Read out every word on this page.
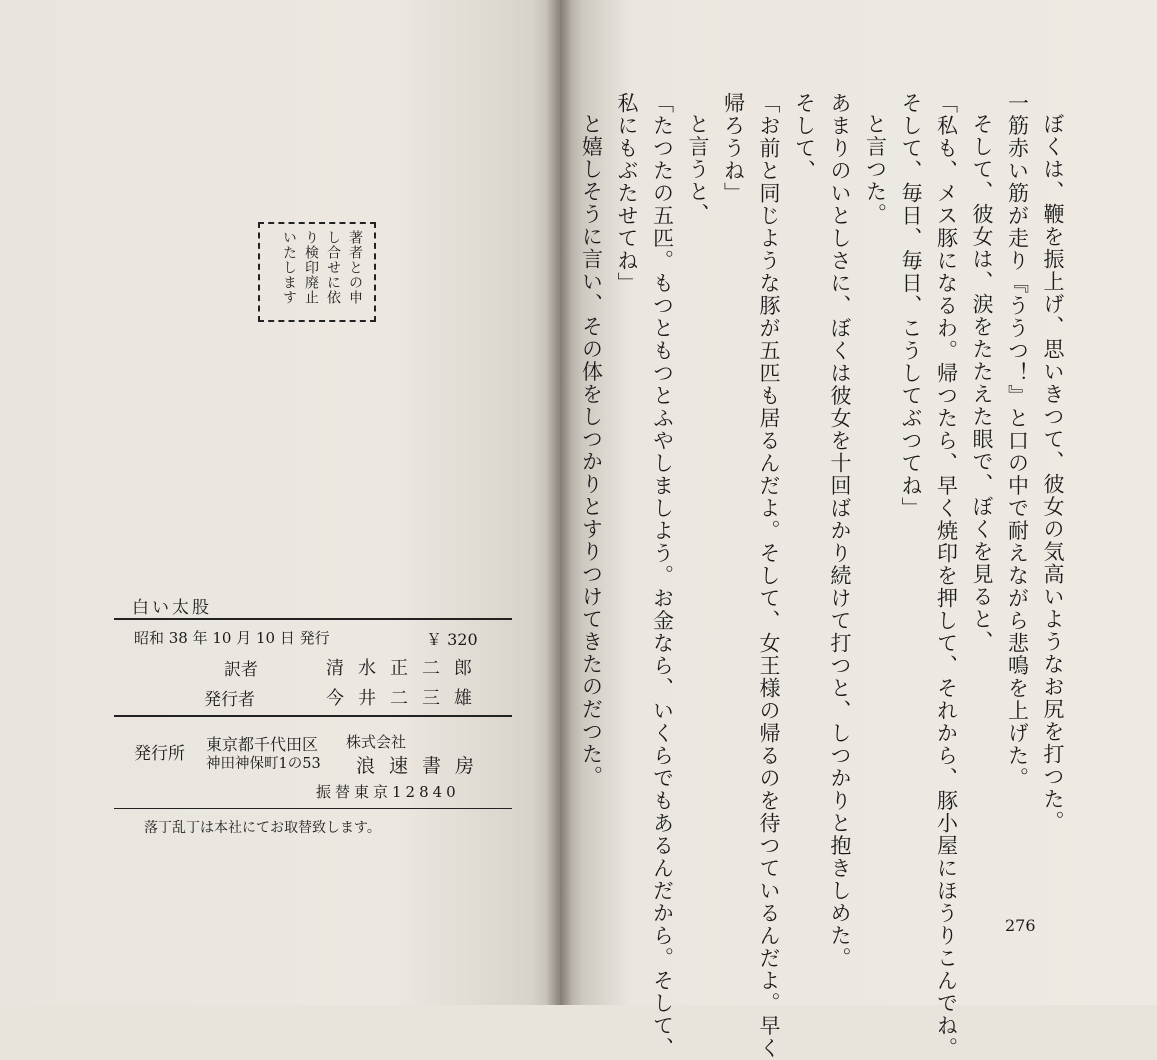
ぼくは、鞭を振上げ、思いきつて、彼女の気高いようなお尻を打つた。
一筋赤い筋が走り『ううつ！』と口の中で耐えながら悲鳴を上げた。
そして、彼女は、涙をたたえた眼で、ぼくを見ると、
「私も、メス豚になるわ。帰つたら、早く焼印を押して、それから、豚小屋にほうりこんでね。
そして、毎日、毎日、こうしてぶつてね」
と言つた。
あまりのいとしさに、ぼくは彼女を十回ばかり続けて打つと、しつかりと抱きしめた。
そして、
「お前と同じような豚が五匹も居るんだよ。そして、女王様の帰るのを待つているんだよ。早く
帰ろうね」
と言うと、
「たつたの五匹。もつともつとふやしましよう。お金なら、いくらでもあるんだから。そして、
私にもぶたせてね」
と嬉しそうに言い、その体をしつかりとすりつけてきたのだつた。
276
著者との申
し合せに依
り検印廃止
いたします
白い太股
昭和 38 年 10 月 10 日 発行	￥ 320
訳者	清水正二郎
発行者	今井二三雄
発行所 東京都千代田区
神田神保町1の53
株式会社
浪速書房
振替東京12840
落丁乱丁は本社にてお取替致します。
